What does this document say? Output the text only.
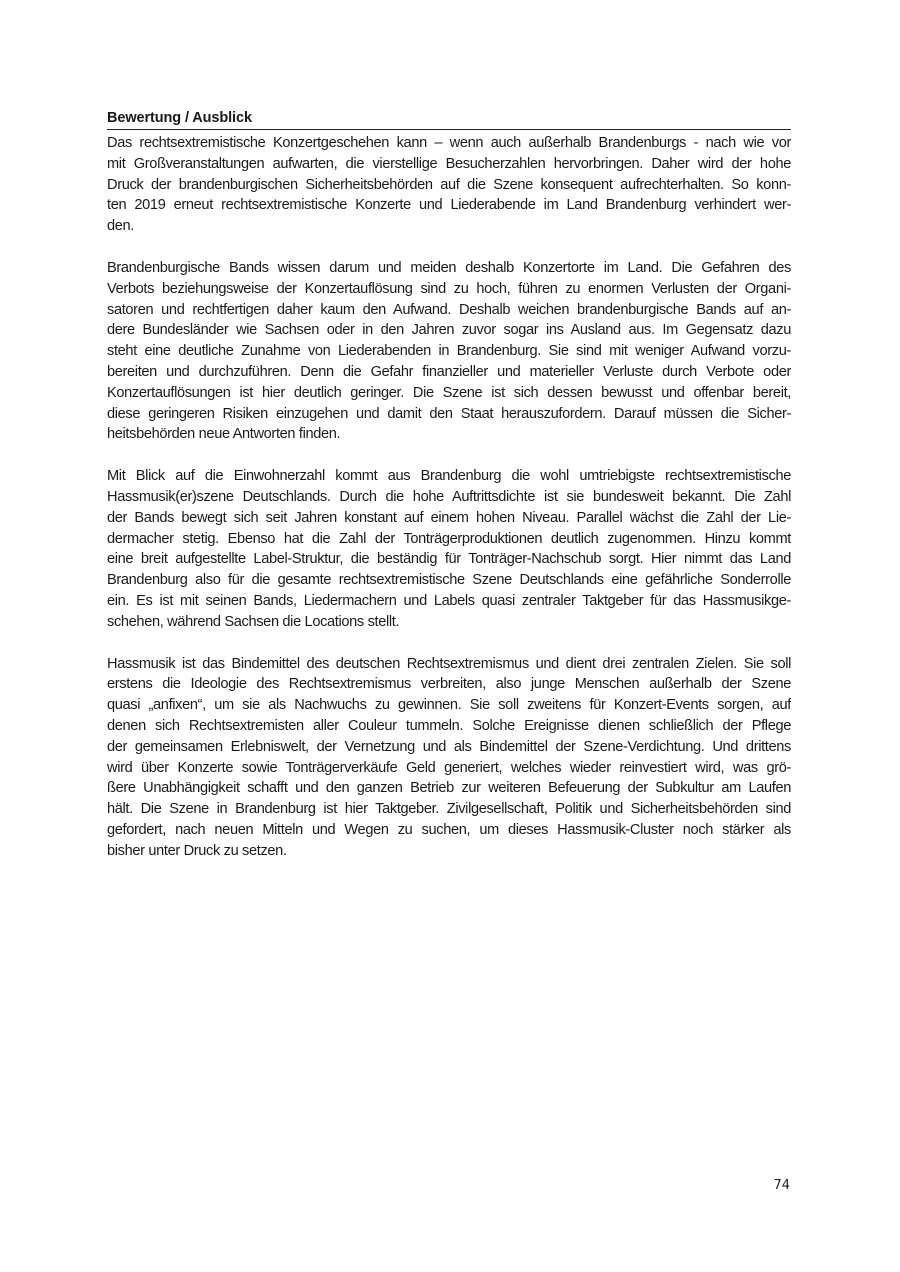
Bewertung / Ausblick
Das rechtsextremistische Konzertgeschehen kann – wenn auch außerhalb Brandenburgs - nach wie vor
mit Großveranstaltungen aufwarten, die vierstellige Besucherzahlen hervorbringen. Daher wird der hohe
Druck der brandenburgischen Sicherheitsbehörden auf die Szene konsequent aufrechterhalten. So konn-
ten 2019 erneut rechtsextremistische Konzerte und Liederabende im Land Brandenburg verhindert wer-
den.
Brandenburgische Bands wissen darum und meiden deshalb Konzertorte im Land. Die Gefahren des
Verbots beziehungsweise der Konzertauflösung sind zu hoch, führen zu enormen Verlusten der Organi-
satoren und rechtfertigen daher kaum den Aufwand. Deshalb weichen brandenburgische Bands auf an-
dere Bundesländer wie Sachsen oder in den Jahren zuvor sogar ins Ausland aus. Im Gegensatz dazu
steht eine deutliche Zunahme von Liederabenden in Brandenburg. Sie sind mit weniger Aufwand vorzu-
bereiten und durchzuführen. Denn die Gefahr finanzieller und materieller Verluste durch Verbote oder
Konzertauflösungen ist hier deutlich geringer. Die Szene ist sich dessen bewusst und offenbar bereit,
diese geringeren Risiken einzugehen und damit den Staat herauszufordern. Darauf müssen die Sicher-
heitsbehörden neue Antworten finden.
Mit Blick auf die Einwohnerzahl kommt aus Brandenburg die wohl umtriebigste rechtsextremistische
Hassmusik(er)szene Deutschlands. Durch die hohe Auftrittsdichte ist sie bundesweit bekannt. Die Zahl
der Bands bewegt sich seit Jahren konstant auf einem hohen Niveau. Parallel wächst die Zahl der Lie-
dermacher stetig. Ebenso hat die Zahl der Tonträgerproduktionen deutlich zugenommen. Hinzu kommt
eine breit aufgestellte Label-Struktur, die beständig für Tonträger-Nachschub sorgt. Hier nimmt das Land
Brandenburg also für die gesamte rechtsextremistische Szene Deutschlands eine gefährliche Sonderrolle
ein. Es ist mit seinen Bands, Liedermachern und Labels quasi zentraler Taktgeber für das Hassmusikge-
schehen, während Sachsen die Locations stellt.
Hassmusik ist das Bindemittel des deutschen Rechtsextremismus und dient drei zentralen Zielen. Sie soll
erstens die Ideologie des Rechtsextremismus verbreiten, also junge Menschen außerhalb der Szene
quasi „anfixen“, um sie als Nachwuchs zu gewinnen. Sie soll zweitens für Konzert-Events sorgen, auf
denen sich Rechtsextremisten aller Couleur tummeln. Solche Ereignisse dienen schließlich der Pflege
der gemeinsamen Erlebniswelt, der Vernetzung und als Bindemittel der Szene-Verdichtung. Und drittens
wird über Konzerte sowie Tonträgerverkäufe Geld generiert, welches wieder reinvestiert wird, was grö-
ßere Unabhängigkeit schafft und den ganzen Betrieb zur weiteren Befeuerung der Subkultur am Laufen
hält. Die Szene in Brandenburg ist hier Taktgeber. Zivilgesellschaft, Politik und Sicherheitsbehörden sind
gefordert, nach neuen Mitteln und Wegen zu suchen, um dieses Hassmusik-Cluster noch stärker als
bisher unter Druck zu setzen.
74
